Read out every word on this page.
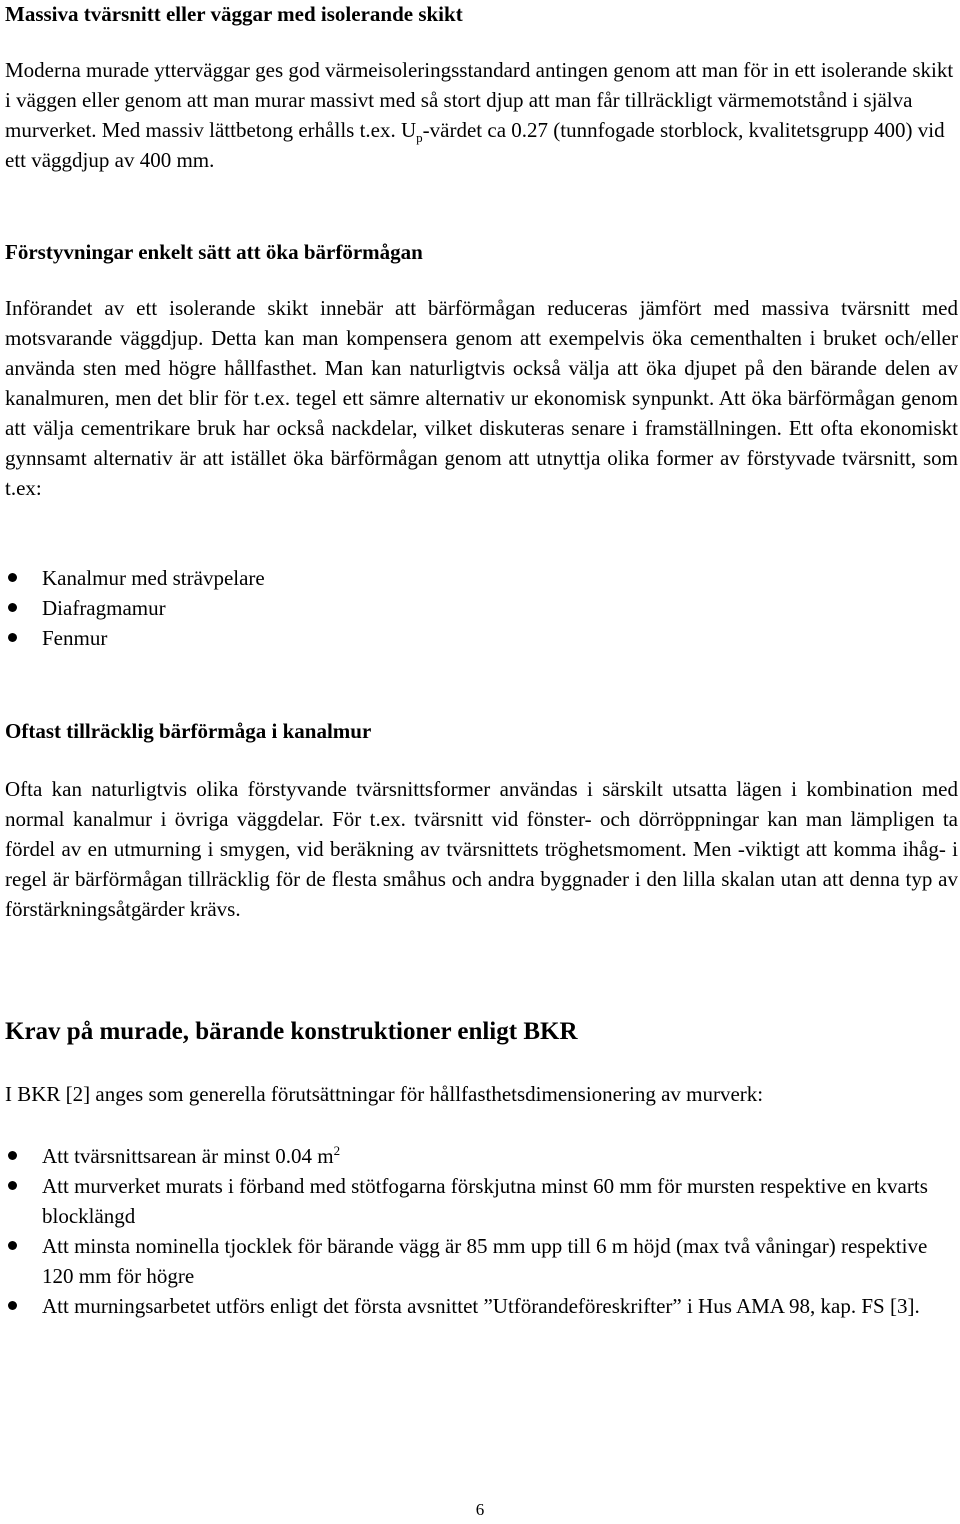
Massiva tvärsnitt eller väggar med isolerande skikt

Moderna murade ytterväggar ges god värmeisoleringsstandard antingen genom att man för in ett isolerande skikt i väggen eller genom att man murar massivt med så stort djup att man får tillräckligt värmemotstånd i själva murverket. Med massiv lättbetong erhålls t.ex. $U_p$-värdet ca 0.27 (tunnfogade storblock, kvalitetsgrupp 400) vid ett väggdjup av 400 mm.

Förstyvningar enkelt sätt att öka bärförmågan

Införandet av ett isolerande skikt innebär att bärförmågan reduceras jämfört med massiva tvärsnitt med motsvarande väggdjup. Detta kan man kompensera genom att exempelvis öka cementhalten i bruket och/eller använda sten med högre hållfasthet. Man kan naturligtvis också välja att öka djupet på den bärande delen av kanalmuren, men det blir för t.ex. tegel ett sämre alternativ ur ekonomisk synpunkt. Att öka bärförmågan genom att välja cementrikare bruk har också nackdelar, vilket diskuteras senare i framställningen. Ett ofta ekonomiskt gynnsamt alternativ är att istället öka bärförmågan genom att utnyttja olika former av förstyvade tvärsnitt, som t.ex:

Kanalmur med strävpelare
Diafragmamur
Fenmur
Oftast tillräcklig bärförmåga i kanalmur

Ofta kan naturligtvis olika förstyvande tvärsnittsformer användas i särskilt utsatta lägen i kombination med normal kanalmur i övriga väggdelar. För t.ex. tvärsnitt vid fönster- och dörröppningar kan man lämpligen ta fördel av en utmurning i smygen, vid beräkning av tvärsnittets tröghetsmoment. Men -viktigt att komma ihåg- i regel är bärförmågan tillräcklig för de flesta småhus och andra byggnader i den lilla skalan utan att denna typ av förstärkningsåtgärder krävs.

Krav på murade, bärande konstruktioner enligt BKR

I BKR [2] anges som generella förutsättningar för hållfasthetsdimensionering av murverk:

Att tvärsnittsarean är minst 0.04 $m^2$
Att murverket murats i förband med stötfogarna förskjutna minst 60 mm för mursten respektive en kvarts blocklängd
Att minsta nominella tjocklek för bärande vägg är 85 mm upp till 6 m höjd (max två våningar) respektive 120 mm för högre
Att murningsarbetet utförs enligt det första avsnittet ”Utförandeföreskrifter” i Hus AMA 98, kap. FS [3].
6
